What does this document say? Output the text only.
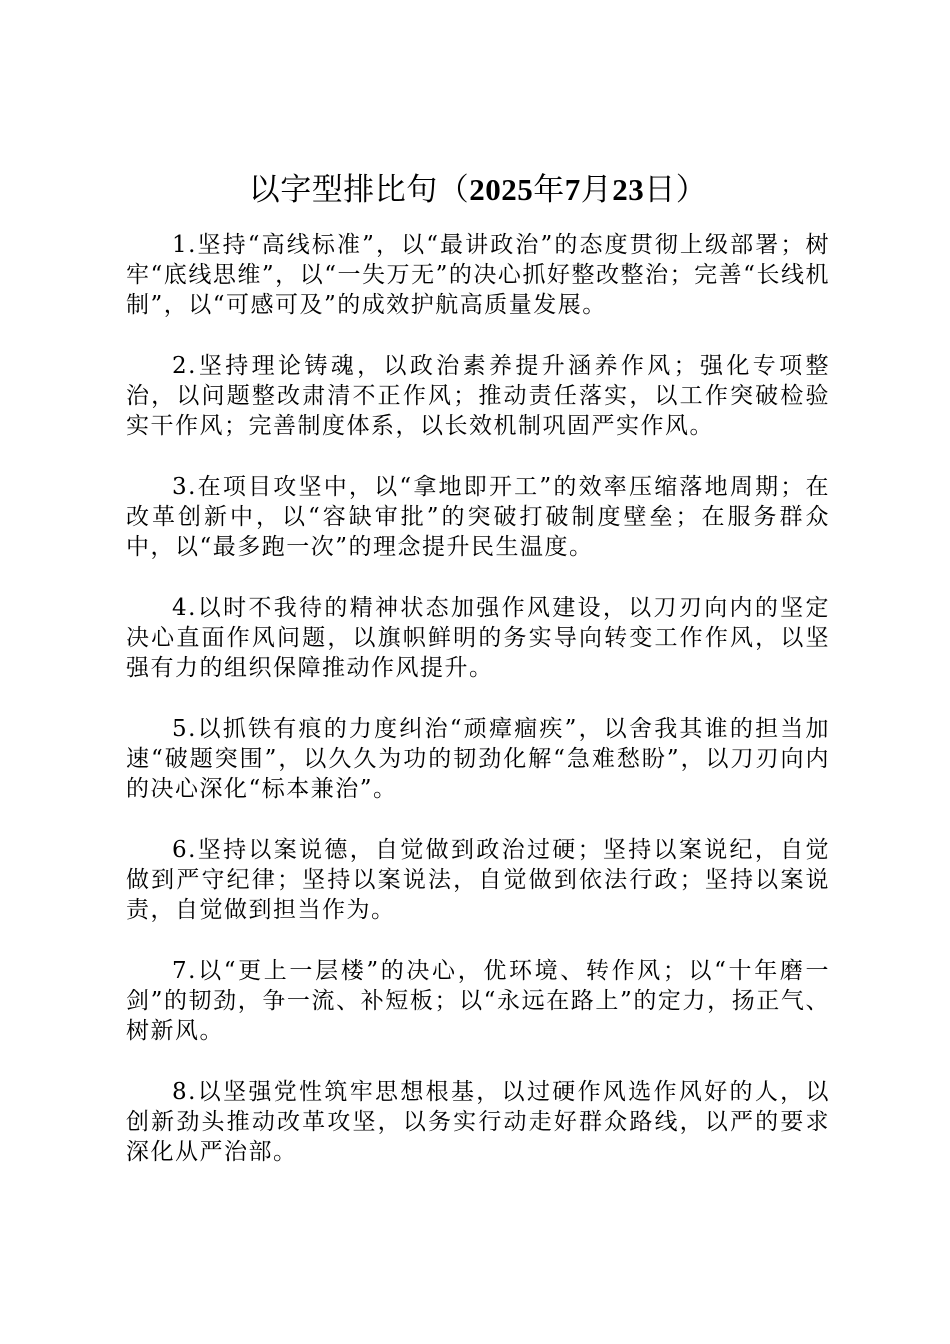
以字型排比句（2025年7月23日）

1.坚持“高线标准”，以“最讲政治”的态度贯彻上级部署；树牢“底线思维”，以“一失万无”的决心抓好整改整治；完善“长线机制”，以“可感可及”的成效护航高质量发展。

2.坚持理论铸魂，以政治素养提升涵养作风；强化专项整治，以问题整改肃清不正作风；推动责任落实，以工作突破检验实干作风；完善制度体系，以长效机制巩固严实作风。

3.在项目攻坚中，以“拿地即开工”的效率压缩落地周期；在改革创新中，以“容缺审批”的突破打破制度壁垒；在服务群众中，以“最多跑一次”的理念提升民生温度。

4.以时不我待的精神状态加强作风建设，以刀刃向内的坚定决心直面作风问题，以旗帜鲜明的务实导向转变工作作风，以坚强有力的组织保障推动作风提升。

5.以抓铁有痕的力度纠治“顽瘴痼疾”，以舍我其谁的担当加速“破题突围”，以久久为功的韧劲化解“急难愁盼”，以刀刃向内的决心深化“标本兼治”。

6.坚持以案说德，自觉做到政治过硬；坚持以案说纪，自觉做到严守纪律；坚持以案说法，自觉做到依法行政；坚持以案说责，自觉做到担当作为。

7.以“更上一层楼”的决心，优环境、转作风；以“十年磨一剑”的韧劲，争一流、补短板；以“永远在路上”的定力，扬正气、树新风。

8.以坚强党性筑牢思想根基，以过硬作风选作风好的人，以创新劲头推动改革攻坚，以务实行动走好群众路线，以严的要求深化从严治部。
